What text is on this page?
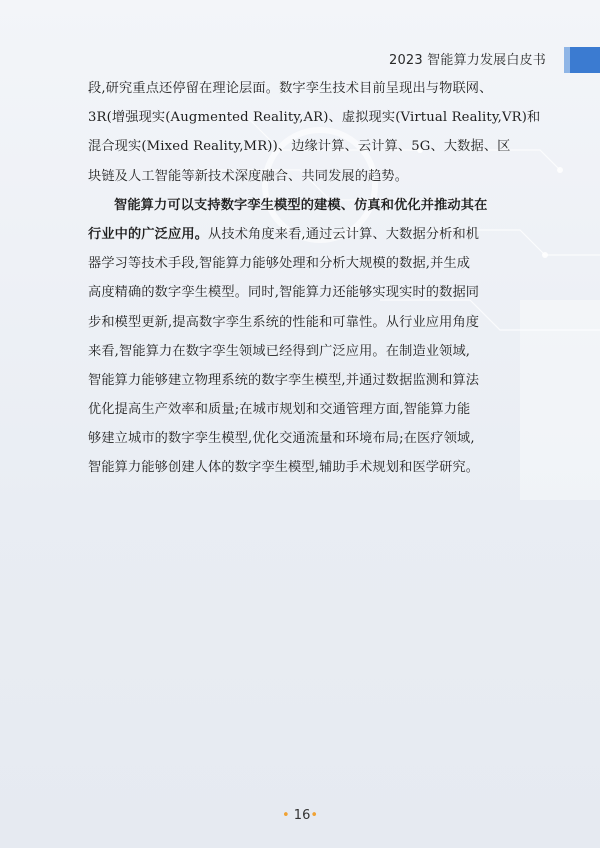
2023 智能算力发展白皮书
段,研究重点还停留在理论层面。数字孪生技术目前呈现出与物联网、
3R(增强现实(Augmented Reality,AR)、虚拟现实(Virtual Reality,VR)和
混合现实(Mixed Reality,MR))、边缘计算、云计算、5G、大数据、区
块链及人工智能等新技术深度融合、共同发展的趋势。
智能算力可以支持数字孪生模型的建模、仿真和优化并推动其在
行业中的广泛应用。从技术角度来看,通过云计算、大数据分析和机
器学习等技术手段,智能算力能够处理和分析大规模的数据,并生成
高度精确的数字孪生模型。同时,智能算力还能够实现实时的数据同
步和模型更新,提高数字孪生系统的性能和可靠性。从行业应用角度
来看,智能算力在数字孪生领域已经得到广泛应用。在制造业领域,
智能算力能够建立物理系统的数字孪生模型,并通过数据监测和算法
优化提高生产效率和质量;在城市规划和交通管理方面,智能算力能
够建立城市的数字孪生模型,优化交通流量和环境布局;在医疗领域,
智能算力能够创建人体的数字孪生模型,辅助手术规划和医学研究。
• 16•
